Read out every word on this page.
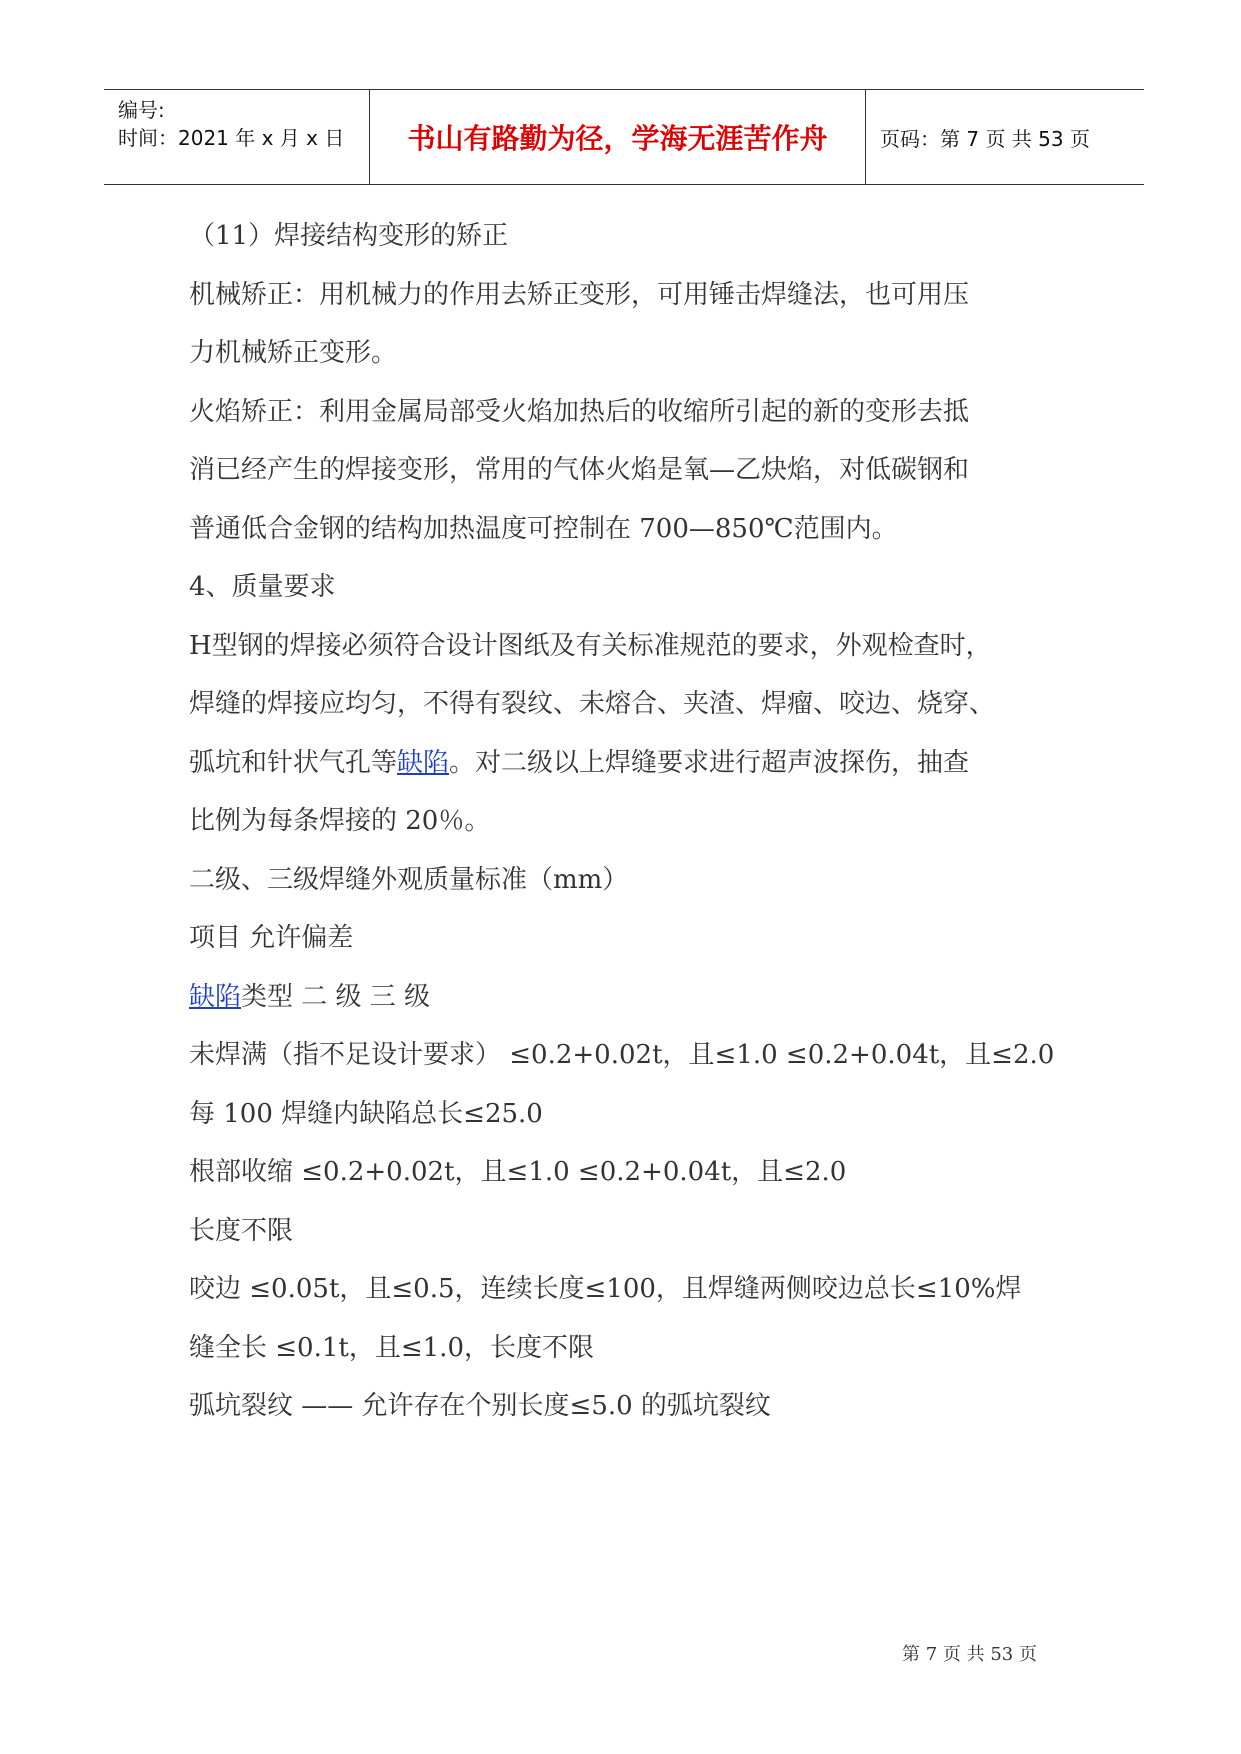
编号:
时间：2021 年 x 月 x 日	书山有路勤为径，学海无涯苦作舟	页码：第 7 页 共 53 页
（11）焊接结构变形的矫正
机械矫正：用机械力的作用去矫正变形，可用锤击焊缝法，也可用压
力机械矫正变形。
火焰矫正：利用金属局部受火焰加热后的收缩所引起的新的变形去抵
消已经产生的焊接变形，常用的气体火焰是氧—乙炔焰，对低碳钢和
普通低合金钢的结构加热温度可控制在 700—850℃范围内。
4、质量要求
H型钢的焊接必须符合设计图纸及有关标准规范的要求，外观检查时，
焊缝的焊接应均匀，不得有裂纹、未熔合、夹渣、焊瘤、咬边、烧穿、
弧坑和针状气孔等缺陷。对二级以上焊缝要求进行超声波探伤，抽查
比例为每条焊接的 20％。
二级、三级焊缝外观质量标准（mm）
项目 允许偏差
缺陷类型 二 级 三 级
未焊满（指不足设计要求） ≤0.2+0.02t，且≤1.0 ≤0.2+0.04t，且≤2.0
每 100 焊缝内缺陷总长≤25.0
根部收缩 ≤0.2+0.02t，且≤1.0 ≤0.2+0.04t，且≤2.0
长度不限
咬边 ≤0.05t，且≤0.5，连续长度≤100，且焊缝两侧咬边总长≤10%焊
缝全长 ≤0.1t，且≤1.0，长度不限
弧坑裂纹 —— 允许存在个别长度≤5.0 的弧坑裂纹
第 7 页 共 53 页
